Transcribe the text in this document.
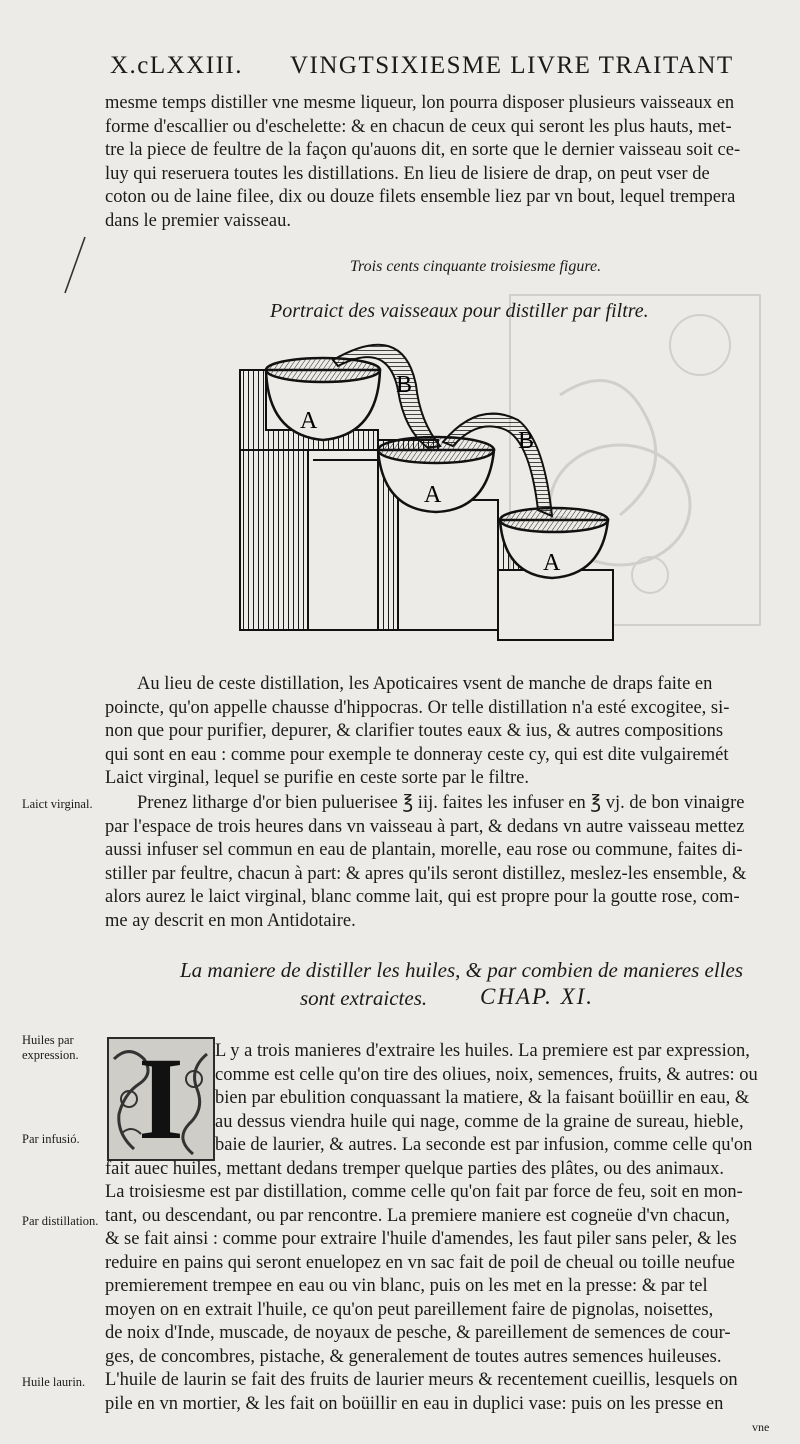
X.cLXXIII. VINGTSIXIESME LIVRE TRAITANT
mesme temps distiller vne mesme liqueur, lon pourra disposer plusieurs vaisseaux en
forme d'escallier ou d'eschelette: & en chacun de ceux qui seront les plus hauts, met-
tre la piece de feultre de la façon qu'auons dit, en sorte que le dernier vaisseau soit ce-
luy qui reseruera toutes les distillations. En lieu de lisiere de drap, on peut vser de
coton ou de laine filee, dix ou douze filets ensemble liez par vn bout, lequel trempera
dans le premier vaisseau.
Trois cents cinquante troisiesme figure.
Portraict des vaisseaux pour distiller par filtre.
A
B
A
B
A
Au lieu de ceste distillation, les Apoticaires vsent de manche de draps faite en
poincte, qu'on appelle chausse d'hippocras. Or telle distillation n'a esté excogitee, si-
non que pour purifier, depurer, & clarifier toutes eaux & ius, & autres compositions
qui sont en eau : comme pour exemple te donneray ceste cy, qui est dite vulgairemét
Laict virginal, lequel se purifie en ceste sorte par le filtre.
Prenez litharge d'or bien puluerisee ℥ iij. faites les infuser en ℥ vj. de bon vinaigre
par l'espace de trois heures dans vn vaisseau à part, & dedans vn autre vaisseau mettez
aussi infuser sel commun en eau de plantain, morelle, eau rose ou commune, faites di-
stiller par feultre, chacun à part: & apres qu'ils seront distillez, meslez-les ensemble, &
alors aurez le laict virginal, blanc comme lait, qui est propre pour la goutte rose, com-
me ay descrit en mon Antidotaire.
La maniere de distiller les huiles, & par combien de manieres elles
sont extraictes. CHAP. XI.
I	L y a trois manieres d'extraire les huiles. La premiere est par expression,
comme est celle qu'on tire des oliues, noix, semences, fruits, & autres: ou
bien par ebulition conquassant la matiere, & la faisant boüillir en eau, &
au dessus viendra huile qui nage, comme de la graine de sureau, hieble,
baie de laurier, & autres. La seconde est par infusion, comme celle qu'on
fait auec huiles, mettant dedans tremper quelque parties des plâtes, ou des animaux.
La troisiesme est par distillation, comme celle qu'on fait par force de feu, soit en mon-
tant, ou descendant, ou par rencontre. La premiere maniere est cogneüe d'vn chacun,
& se fait ainsi : comme pour extraire l'huile d'amendes, les faut piler sans peler, & les
reduire en pains qui seront enuelopez en vn sac fait de poil de cheual ou toille neufue
premierement trempee en eau ou vin blanc, puis on les met en la presse: & par tel
moyen on en extrait l'huile, ce qu'on peut pareillement faire de pignolas, noisettes,
de noix d'Inde, muscade, de noyaux de pesche, & pareillement de semences de cour-
ges, de concombres, pistache, & generalement de toutes autres semences huileuses.
L'huile de laurin se fait des fruits de laurier meurs & recentement cueillis, lesquels on
pile en vn mortier, & les fait on boüillir en eau in duplici vase: puis on les presse en
vne
Laict virginal.
Huiles par expression.
Par infusió.
Par distillation.
Huile laurin.
